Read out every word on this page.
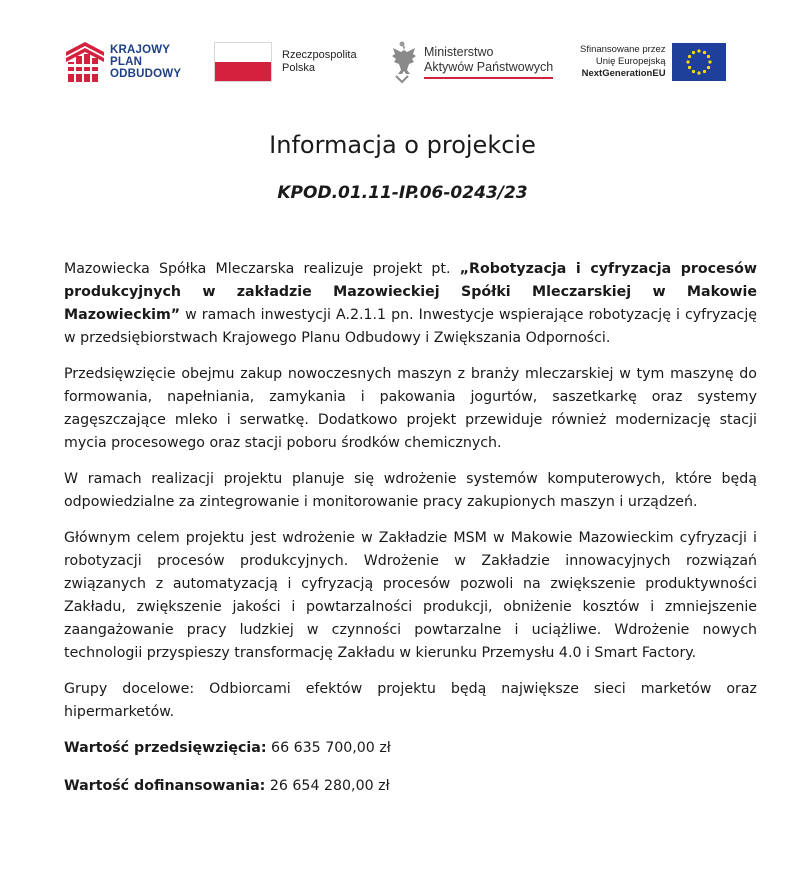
KRAJOWY
PLAN
ODBUDOWY
Rzeczpospolita
Polska
Ministerstwo
Aktywów Państwowych
Sfinansowane przez
Unię Europejską
NextGenerationEU
Informacja o projekcie
KPOD.01.11-IP.06-0243/23

Mazowiecka Spółka Mleczarska realizuje projekt pt. „Robotyzacja i cyfryzacja procesów produkcyjnych w zakładzie Mazowieckiej Spółki Mleczarskiej w Makowie Mazowieckim” w ramach inwestycji A.2.1.1 pn. Inwestycje wspierające robotyzację i cyfryzację w przedsiębiorstwach Krajowego Planu Odbudowy i Zwiększania Odporności.

Przedsięwzięcie obejmu zakup nowoczesnych maszyn z branży mleczarskiej w tym maszynę do formowania, napełniania, zamykania i pakowania jogurtów, saszetkarkę oraz systemy zagęszczające mleko i serwatkę. Dodatkowo projekt przewiduje również modernizację stacji mycia procesowego oraz stacji poboru środków chemicznych.

W ramach realizacji projektu planuje się wdrożenie systemów komputerowych, które będą odpowiedzialne za zintegrowanie i monitorowanie pracy zakupionych maszyn i urządzeń.

Głównym celem projektu jest wdrożenie w Zakładzie MSM w Makowie Mazowieckim cyfryzacji i robotyzacji procesów produkcyjnych. Wdrożenie w Zakładzie innowacyjnych rozwiązań związanych z automatyzacją i cyfryzacją procesów pozwoli na zwiększenie produktywności Zakładu, zwiększenie jakości i powtarzalności produkcji, obniżenie kosztów i zmniejszenie zaangażowanie pracy ludzkiej w czynności powtarzalne i uciążliwe. Wdrożenie nowych technologii przyspieszy transformację Zakładu w kierunku Przemysłu 4.0 i Smart Factory.

Grupy docelowe: Odbiorcami efektów projektu będą największe sieci marketów oraz hipermarketów.

Wartość przedsięwzięcia: 66 635 700,00 zł
Wartość dofinansowania: 26 654 280,00 zł
